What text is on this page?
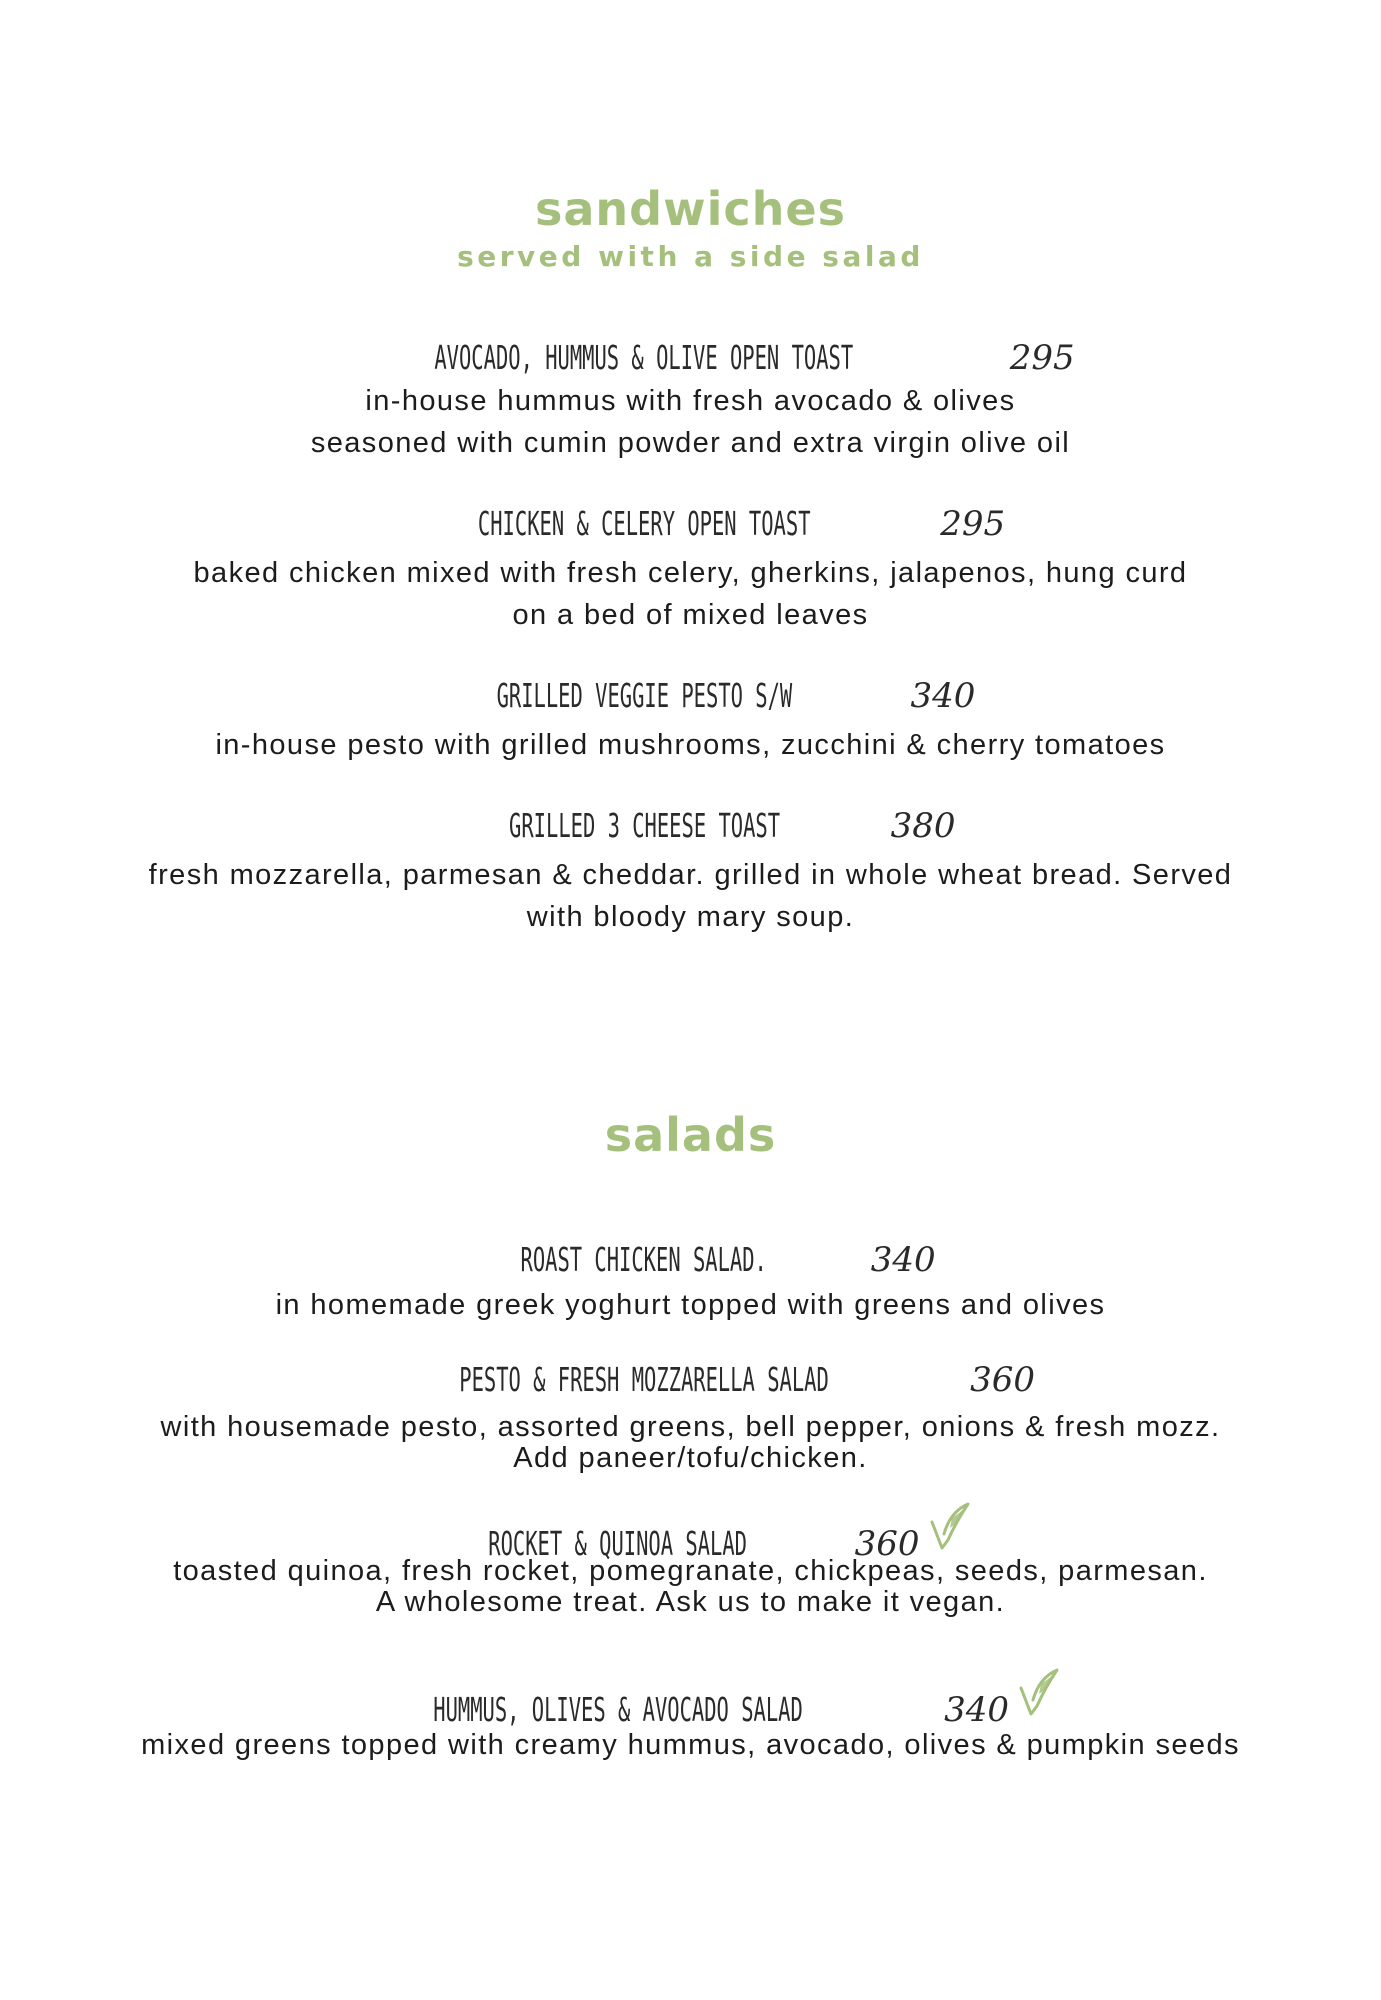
sandwiches
served with a side salad
AVOCADO, HUMMUS & OLIVE OPEN TOAST	295
in-house hummus with fresh avocado & olives
seasoned with cumin powder and extra virgin olive oil
CHICKEN & CELERY OPEN TOAST	295
baked chicken mixed with fresh celery, gherkins, jalapenos, hung curd
on a bed of mixed leaves
GRILLED VEGGIE PESTO S/W	340
in-house pesto with grilled mushrooms, zucchini & cherry tomatoes
GRILLED 3 CHEESE TOAST	380
fresh mozzarella, parmesan & cheddar. grilled in whole wheat bread. Served
with bloody mary soup.
salads
ROAST CHICKEN SALAD.	340
in homemade greek yoghurt topped with greens and olives
PESTO & FRESH MOZZARELLA SALAD	360
with housemade pesto, assorted greens, bell pepper, onions & fresh mozz.
Add paneer/tofu/chicken.
ROCKET & QUINOA SALAD	360
toasted quinoa, fresh rocket, pomegranate, chickpeas, seeds, parmesan.
A wholesome treat. Ask us to make it vegan.
HUMMUS, OLIVES & AVOCADO SALAD	340
mixed greens topped with creamy hummus, avocado, olives & pumpkin seeds
